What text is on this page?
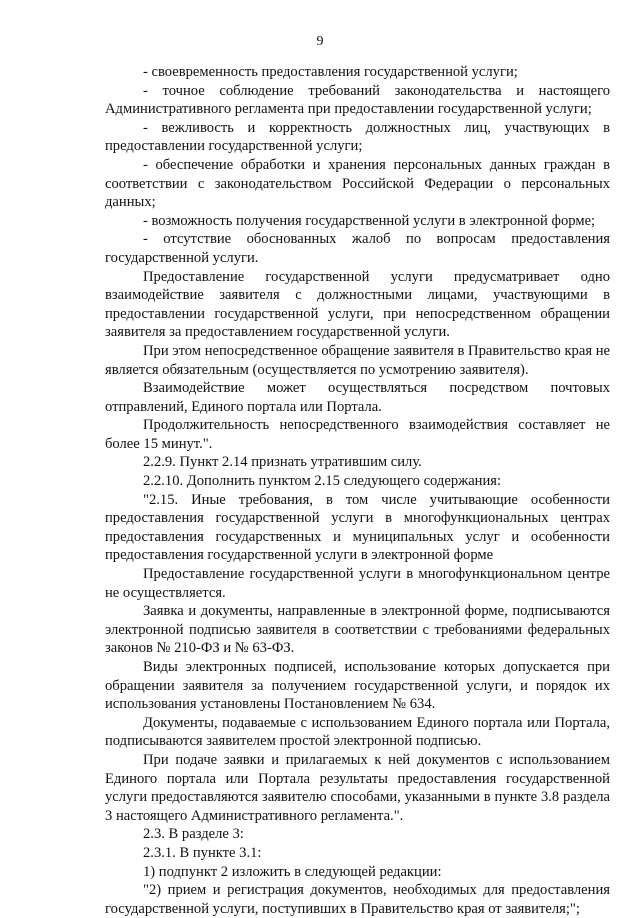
9

- своевременность предоставления государственной услуги;

- точное соблюдение требований законодательства и настоящего Административного регламента при предоставлении государственной услуги;

- вежливость и корректность должностных лиц, участвующих в предоставлении государственной услуги;

- обеспечение обработки и хранения персональных данных граждан в соответствии с законодательством Российской Федерации о персональных данных;

- возможность получения государственной услуги в электронной форме;

- отсутствие обоснованных жалоб по вопросам предоставления государственной услуги.

Предоставление государственной услуги предусматривает одно взаимодействие заявителя с должностными лицами, участвующими в предоставлении государственной услуги, при непосредственном обращении заявителя за предоставлением государственной услуги.

При этом непосредственное обращение заявителя в Правительство края не является обязательным (осуществляется по усмотрению заявителя).

Взаимодействие может осуществляться посредством почтовых отправлений, Единого портала или Портала.

Продолжительность непосредственного взаимодействия составляет не более 15 минут.".

2.2.9. Пункт 2.14 признать утратившим силу.

2.2.10. Дополнить пунктом 2.15 следующего содержания:

"2.15. Иные требования, в том числе учитывающие особенности предоставления государственной услуги в многофункциональных центрах предоставления государственных и муниципальных услуг и особенности предоставления государственной услуги в электронной форме

Предоставление государственной услуги в многофункциональном центре не осуществляется.

Заявка и документы, направленные в электронной форме, подписываются электронной подписью заявителя в соответствии с требованиями федеральных законов № 210-ФЗ и № 63-ФЗ.

Виды электронных подписей, использование которых допускается при обращении заявителя за получением государственной услуги, и порядок их использования установлены Постановлением № 634.

Документы, подаваемые с использованием Единого портала или Портала, подписываются заявителем простой электронной подписью.

При подаче заявки и прилагаемых к ней документов с использованием Единого портала или Портала результаты предоставления государственной услуги предоставляются заявителю способами, указанными в пункте 3.8 раздела 3 настоящего Административного регламента.".

2.3. В разделе 3:

2.3.1. В пункте 3.1:

1) подпункт 2 изложить в следующей редакции:

"2) прием и регистрация документов, необходимых для предоставления государственной услуги, поступивших в Правительство края от заявителя;";
